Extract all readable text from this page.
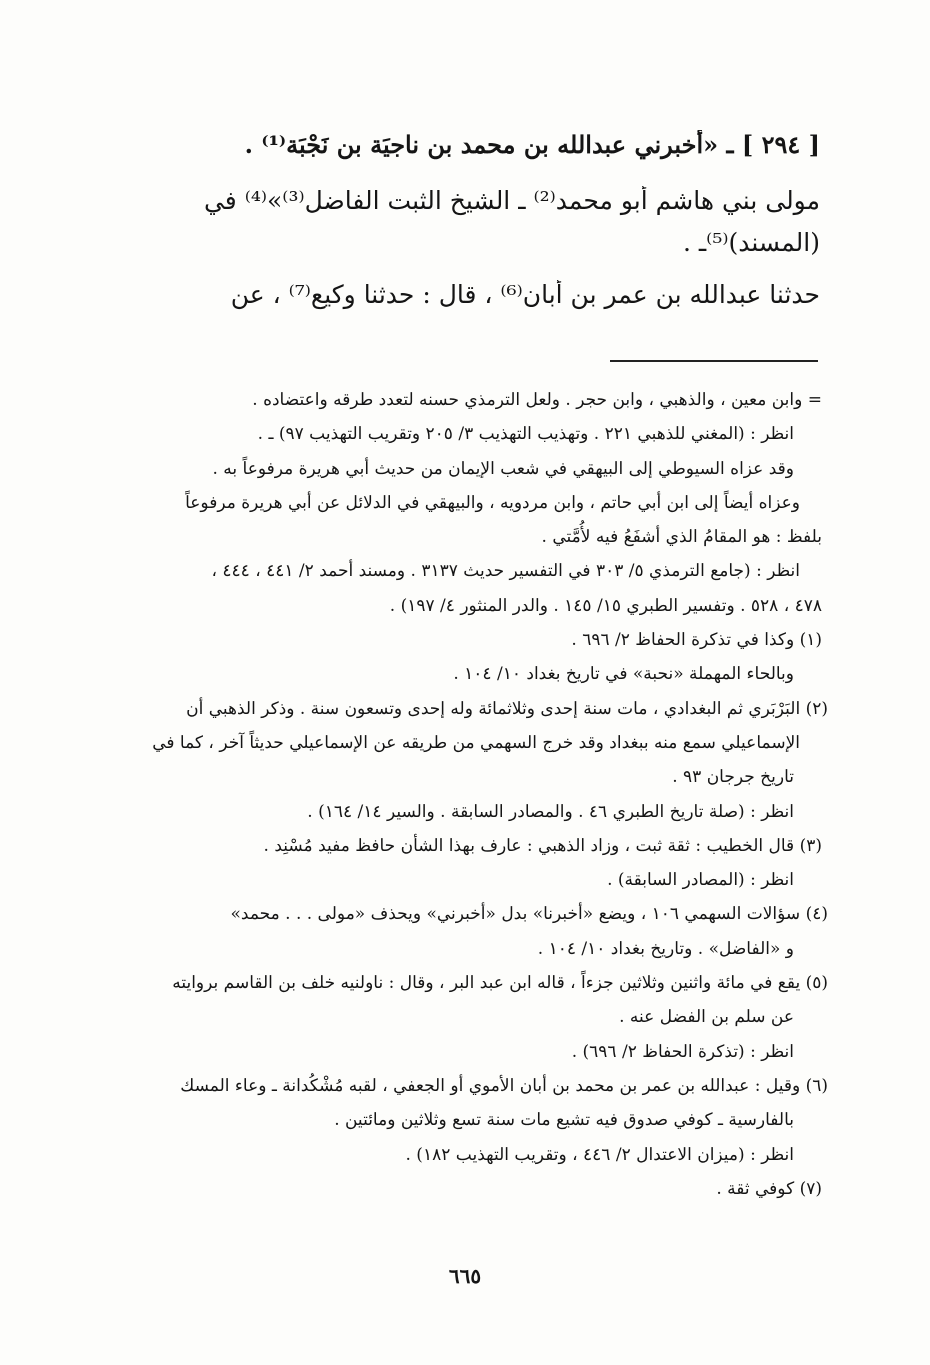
[ ٢٩٤ ] ـ «أخبرني عبدالله بن محمد بن ناجيَة بن نَجْبَة⁽¹⁾ .
مولى بني هاشم أبو محمد⁽²⁾ ـ الشيخ الثبت الفاضل⁽³⁾»⁽⁴⁾ في
(المسند)⁽⁵⁾ـ .
حدثنا عبدالله بن عمر بن أبان⁽⁶⁾ ، قال : حدثنا وكيع⁽⁷⁾ ، عن
= وابن معين ، والذهبي ، وابن حجر . ولعل الترمذي حسنه لتعدد طرقه واعتضاده .
انظر : (المغني للذهبي ٢٢١ . وتهذيب التهذيب ٣/ ٢٠٥ وتقريب التهذيب ٩٧) ـ .
وقد عزاه السيوطي إلى البيهقي في شعب الإيمان من حديث أبي هريرة مرفوعاً به .
وعزاه أيضاً إلى ابن أبي حاتم ، وابن مردويه ، والبيهقي في الدلائل عن أبي هريرة مرفوعاً
بلفظ : هو المقامُ الذي أشفَعُ فيه لأُمَّتي .
انظر : (جامع الترمذي ٥/ ٣٠٣ في التفسير حديث ٣١٣٧ . ومسند أحمد ٢/ ٤٤١ ، ٤٤٤ ،
٤٧٨ ، ٥٢٨ . وتفسير الطبري ١٥/ ١٤٥ . والدر المنثور ٤/ ١٩٧) .
(١) وكذا في تذكرة الحفاظ ٢/ ٦٩٦ .
وبالحاء المهملة «نحبة» في تاريخ بغداد ١٠/ ١٠٤ .
(٢) البَرْبَري ثم البغدادي ، مات سنة إحدى وثلاثمائة وله إحدى وتسعون سنة . وذكر الذهبي أن
الإسماعيلي سمع منه ببغداد وقد خرج السهمي من طريقه عن الإسماعيلي حديثاً آخر ، كما في
تاريخ جرجان ٩٣ .
انظر : (صلة تاريخ الطبري ٤٦ . والمصادر السابقة . والسير ١٤/ ١٦٤) .
(٣) قال الخطيب : ثقة ثبت ، وزاد الذهبي : عارف بهذا الشأن حافظ مفيد مُسْنِد .
انظر : (المصادر السابقة) .
(٤) سؤالات السهمي ١٠٦ ، ويضع «أخبرنا» بدل «أخبرني» ويحذف «مولى . . . محمد»
و «الفاضل» . وتاريخ بغداد ١٠/ ١٠٤ .
(٥) يقع في مائة واثنين وثلاثين جزءاً ، قاله ابن عبد البر ، وقال : ناولنيه خلف بن القاسم بروايته
عن سلم بن الفضل عنه .
انظر : (تذكرة الحفاظ ٢/ ٦٩٦) .
(٦) وقيل : عبدالله بن عمر بن محمد بن أبان الأموي أو الجعفي ، لقبه مُشْكُدانة ـ وعاء المسك
بالفارسية ـ كوفي صدوق فيه تشيع مات سنة تسع وثلاثين ومائتين .
انظر : (ميزان الاعتدال ٢/ ٤٤٦ ، وتقريب التهذيب ١٨٢) .
(٧) كوفي ثقة .
٦٦٥
